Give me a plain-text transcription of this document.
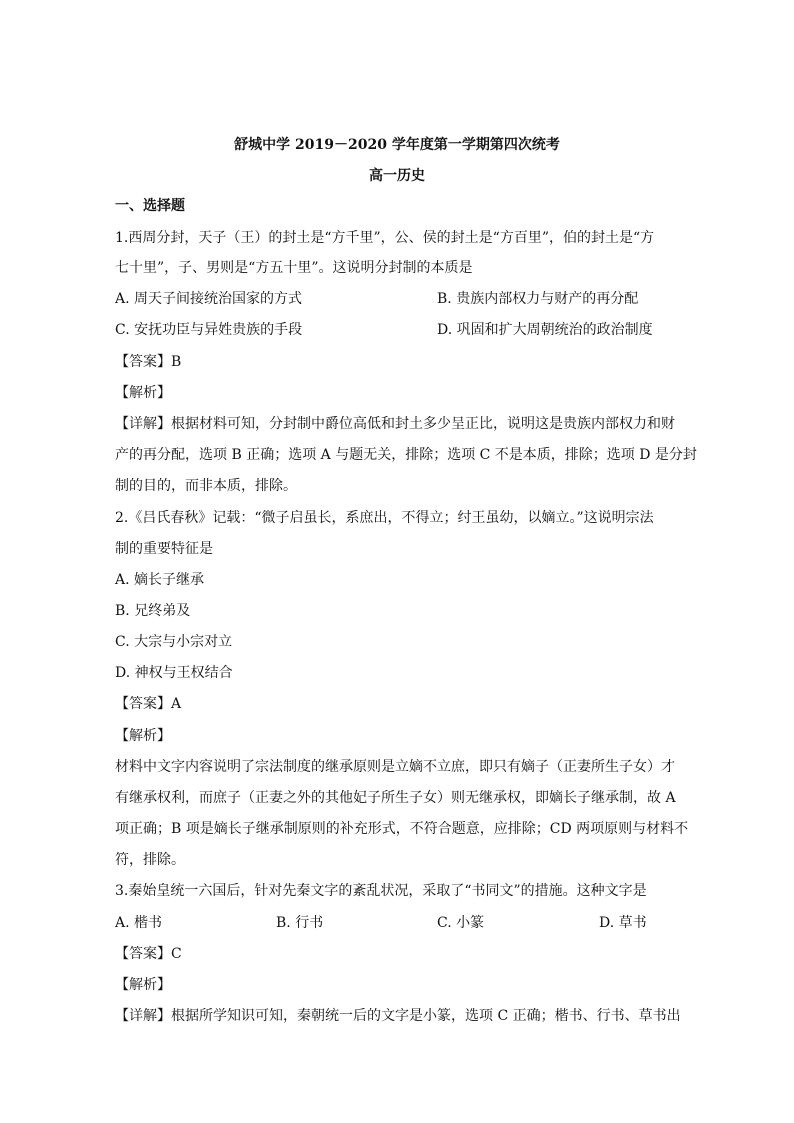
舒城中学 2019－2020 学年度第一学期第四次统考
高一历史
一、选择题
1.西周分封，天子（王）的封土是“方千里”，公、侯的封土是“方百里”，伯的封土是“方
七十里”，子、男则是“方五十里”。这说明分封制的本质是
A. 周天子间接统治国家的方式	B. 贵族内部权力与财产的再分配
C. 安抚功臣与异姓贵族的手段	D. 巩固和扩大周朝统治的政治制度
【答案】B
【解析】
【详解】根据材料可知，分封制中爵位高低和封土多少呈正比，说明这是贵族内部权力和财
产的再分配，选项 B 正确；选项 A 与题无关，排除；选项 C 不是本质，排除；选项 D 是分封
制的目的，而非本质，排除。
2.《吕氏春秋》记载：“微子启虽长，系庶出，不得立；纣王虽幼，以嫡立。”这说明宗法
制的重要特征是
A. 嫡长子继承
B. 兄终弟及
C. 大宗与小宗对立
D. 神权与王权结合
【答案】A
【解析】
材料中文字内容说明了宗法制度的继承原则是立嫡不立庶，即只有嫡子（正妻所生子女）才
有继承权利，而庶子（正妻之外的其他妃子所生子女）则无继承权，即嫡长子继承制，故 A
项正确；B 项是嫡长子继承制原则的补充形式，不符合题意，应排除；CD 两项原则与材料不
符，排除。
3.秦始皇统一六国后，针对先秦文字的紊乱状况，采取了“书同文”的措施。这种文字是
A. 楷书	B. 行书	C. 小篆	D. 草书
【答案】C
【解析】
【详解】根据所学知识可知，秦朝统一后的文字是小篆，选项 C 正确；楷书、行书、草书出
